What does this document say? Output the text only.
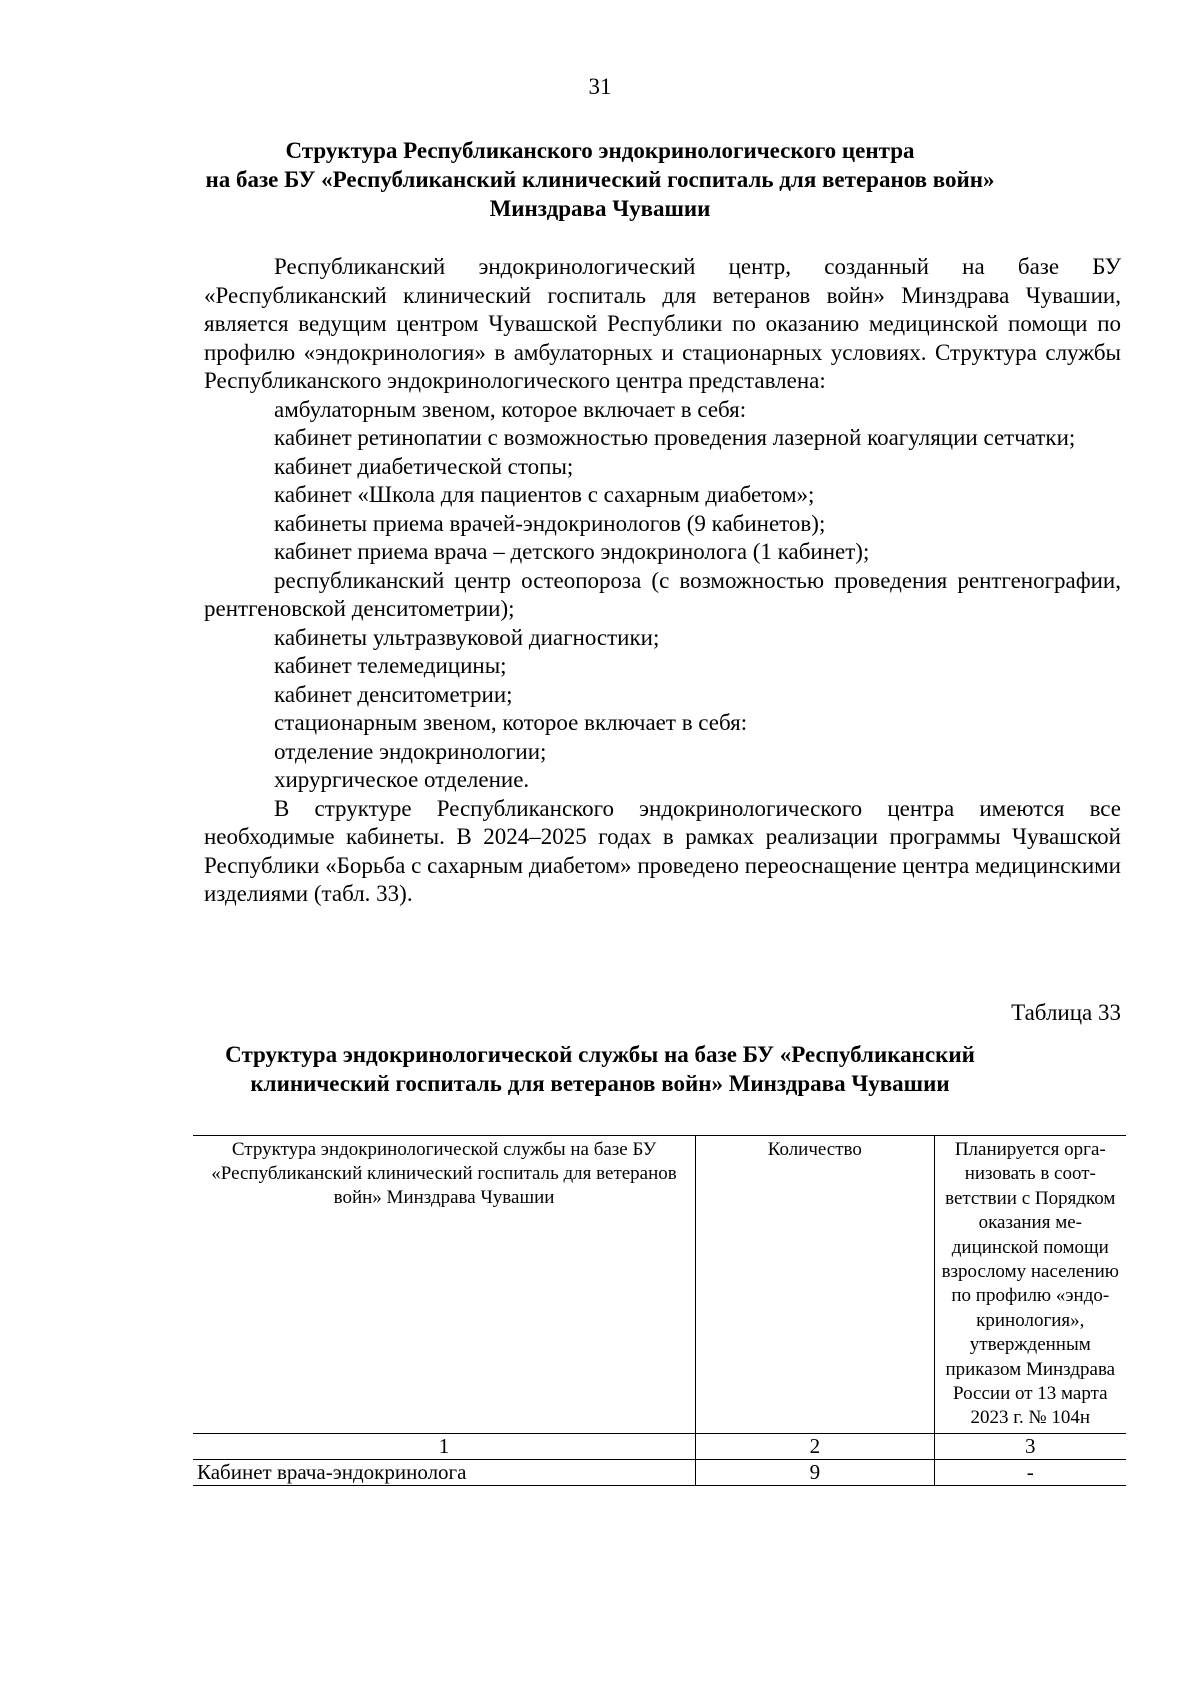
31
Структура Республиканского эндокринологического центра
на базе БУ «Республиканский клинический госпиталь для ветеранов войн»
Минздрава Чувашии

Республиканский эндокринологический центр, созданный на базе БУ «Республиканский клинический госпиталь для ветеранов войн» Минздрава Чувашии, является ведущим центром Чувашской Республики по оказанию медицинской помощи по профилю «эндокринология» в амбулаторных и стационарных условиях. Структура службы Республиканского эндокринологического центра представлена:

амбулаторным звеном, которое включает в себя:

кабинет ретинопатии с возможностью проведения лазерной коагуляции сетчатки;

кабинет диабетической стопы;

кабинет «Школа для пациентов с сахарным диабетом»;

кабинеты приема врачей-эндокринологов (9 кабинетов);

кабинет приема врача – детского эндокринолога (1 кабинет);

республиканский центр остеопороза (с возможностью проведения рентгенографии, рентгеновской денситометрии);

кабинеты ультразвуковой диагностики;

кабинет телемедицины;

кабинет денситометрии;

стационарным звеном, которое включает в себя:

отделение эндокринологии;

хирургическое отделение.

В структуре Республиканского эндокринологического центра имеются все необходимые кабинеты. В 2024–2025 годах в рамках реализации программы Чувашской Республики «Борьба с сахарным диабетом» проведено переоснащение центра медицинскими изделиями (табл. 33).

Таблица 33
Структура эндокринологической службы на базе БУ «Республиканский
клинический госпиталь для ветеранов войн» Минздрава Чувашии
Структура эндокринологической службы на базе БУ «Республиканский клинический госпиталь для ветеранов войн» Минздрава Чувашии	Количество	Планируется организовать в соответствии с Порядком оказания медицинской помощи взрослому населению по профилю «эндокринология», утвержденным приказом Минздрава России от 13 марта 2023 г. № 104н
1	2	3
Кабинет врача-эндокринолога	9	-
